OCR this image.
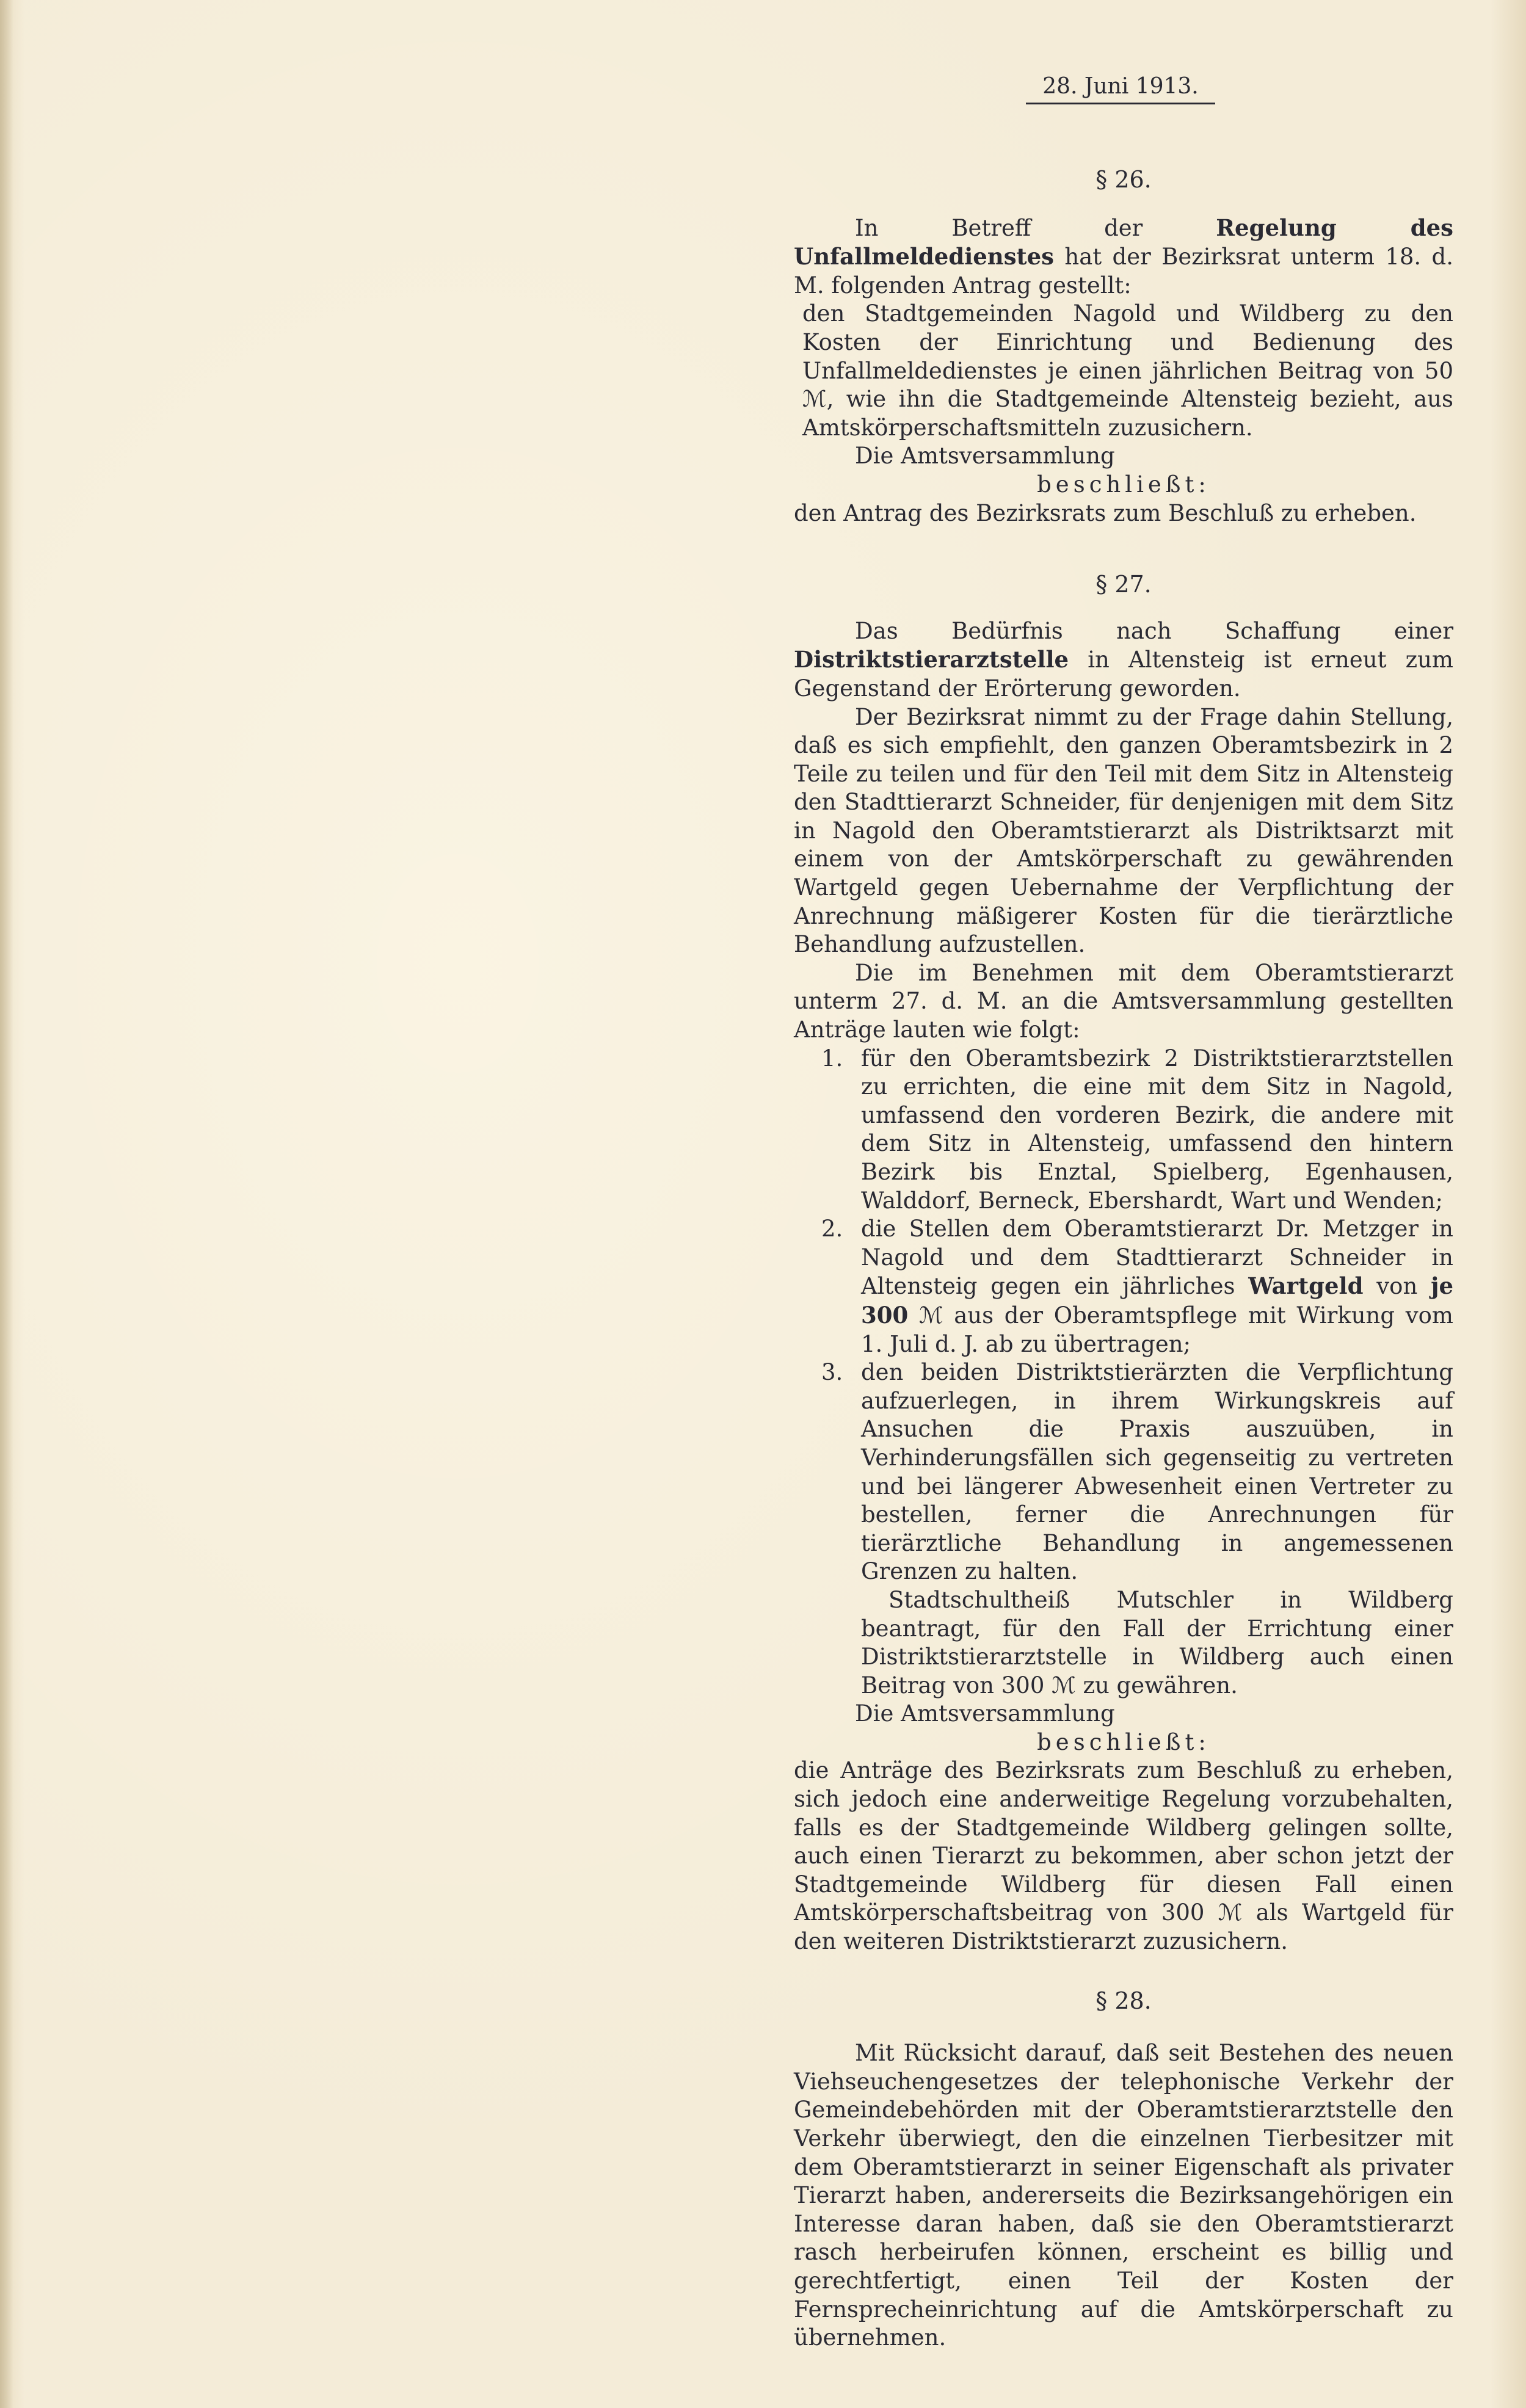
28. Juni 1913.

§ 26.

In Betreff der	Regelung des Unfallmeldedienstes hat der Bezirksrat unterm 18. d. M. folgenden Antrag gestellt:

den Stadtgemeinden Nagold und Wildberg zu den Kosten der Einrichtung und Bedienung des Unfallmeldedienstes je einen jährlichen Beitrag von 50 ℳ, wie ihn die Stadtgemeinde Altensteig bezieht, aus Amtskörperschaftsmitteln zuzusichern.

Die Amtsversammlung

beschließt:

den Antrag des Bezirksrats zum Beschluß zu erheben.

§ 27.

Das Bedürfnis nach Schaffung einer Distriktstierarztstelle in Altensteig ist erneut zum Gegenstand der Erörterung geworden.

Der Bezirksrat nimmt zu der Frage dahin Stellung, daß es sich empfiehlt, den ganzen Oberamtsbezirk in 2 Teile zu teilen und für den Teil mit dem Sitz in Altensteig den Stadttierarzt Schneider, für denjenigen mit dem Sitz in Nagold den Oberamtstierarzt als Distriktsarzt mit einem von der Amtskörperschaft zu gewährenden Wartgeld gegen Uebernahme der Verpflichtung der Anrechnung mäßigerer Kosten für die tierärztliche Behandlung aufzustellen.

Die im Benehmen mit dem Oberamtstierarzt unterm 27. d. M. an die Amtsversammlung gestellten Anträge lauten wie folgt:

1. für den Oberamtsbezirk 2 Distriktstierarztstellen zu errichten, die eine mit dem Sitz in Nagold, umfassend den vorderen Bezirk, die andere mit dem Sitz in Altensteig, umfassend den hintern Bezirk bis Enztal, Spielberg, Egenhausen, Walddorf, Berneck, Ebershardt, Wart und Wenden;
2. die Stellen dem Oberamtstierarzt Dr. Metzger in Nagold und dem Stadttierarzt Schneider in Altensteig gegen ein jährliches Wartgeld von je 300 ℳ aus der Oberamtspflege mit Wirkung vom 1. Juli d. J. ab zu übertragen;
3. den beiden Distriktstierärzten die Verpflichtung aufzuerlegen, in ihrem Wirkungskreis auf Ansuchen die Praxis auszuüben, in Verhinderungsfällen sich gegenseitig zu vertreten und bei längerer Abwesenheit einen Vertreter zu bestellen, ferner die Anrechnungen für tierärztliche Behandlung in angemessenen Grenzen zu halten.

Stadtschultheiß Mutschler in Wildberg beantragt, für den Fall der Errichtung einer Distriktstierarztstelle in Wildberg auch einen Beitrag von 300 ℳ zu gewähren.

Die Amtsversammlung

beschließt:

die Anträge des Bezirksrats zum Beschluß zu erheben, sich jedoch eine anderweitige Regelung vorzubehalten, falls es der Stadtgemeinde Wildberg gelingen sollte, auch einen Tierarzt zu bekommen, aber schon jetzt der Stadtgemeinde Wildberg für diesen Fall einen Amtskörperschaftsbeitrag von 300 ℳ als Wartgeld für den weiteren Distriktstierarzt zuzusichern.

§ 28.

Mit Rücksicht darauf, daß seit Bestehen des neuen Viehseuchengesetzes der telephonische Verkehr der Gemeindebehörden mit der Oberamtstierarztstelle den Verkehr überwiegt, den die einzelnen Tierbesitzer mit dem Oberamtstierarzt in seiner Eigenschaft als privater Tierarzt haben, andererseits die Bezirksangehörigen ein Interesse daran haben, daß sie den Oberamtstierarzt rasch herbeirufen können, erscheint es billig und gerechtfertigt, einen Teil der Kosten der Fernsprecheinrichtung auf die Amtskörperschaft zu übernehmen.
